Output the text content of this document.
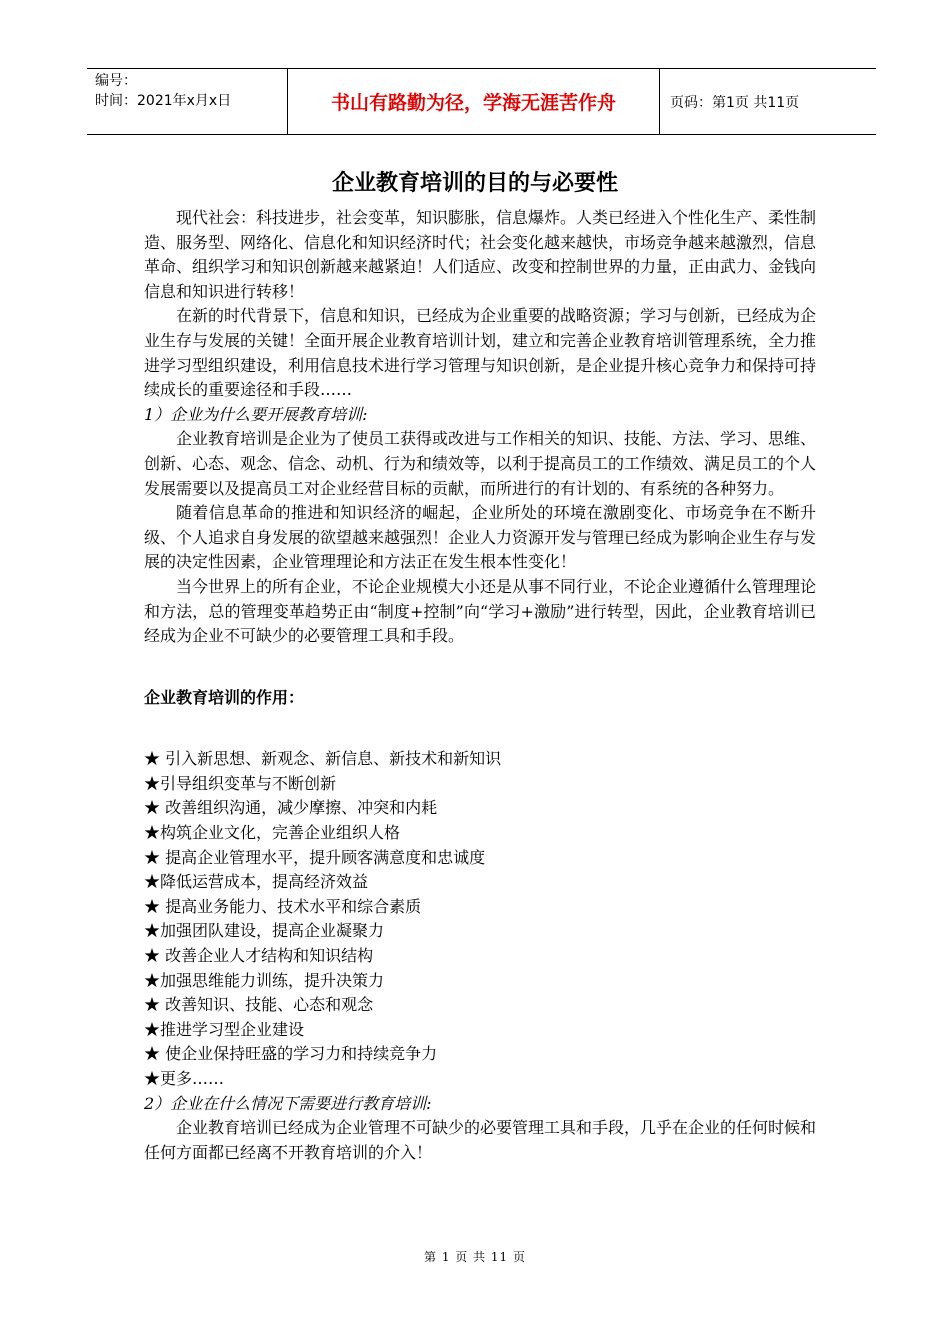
编号：
时间：2021年x月x日	书山有路勤为径，学海无涯苦作舟	页码：第1页 共11页
企业教育培训的目的与必要性

现代社会：科技进步，社会变革，知识膨胀，信息爆炸。人类已经进入个性化生产、柔性制造、服务型、网络化、信息化和知识经济时代；社会变化越来越快，市场竞争越来越激烈，信息革命、组织学习和知识创新越来越紧迫！人们适应、改变和控制世界的力量，正由武力、金钱向信息和知识进行转移！

在新的时代背景下，信息和知识，已经成为企业重要的战略资源；学习与创新，已经成为企业生存与发展的关键！全面开展企业教育培训计划，建立和完善企业教育培训管理系统，全力推进学习型组织建设，利用信息技术进行学习管理与知识创新，是企业提升核心竞争力和保持可持续成长的重要途径和手段……

1）企业为什么要开展教育培训:

企业教育培训是企业为了使员工获得或改进与工作相关的知识、技能、方法、学习、思维、创新、心态、观念、信念、动机、行为和绩效等，以利于提高员工的工作绩效、满足员工的个人发展需要以及提高员工对企业经营目标的贡献，而所进行的有计划的、有系统的各种努力。

随着信息革命的推进和知识经济的崛起，企业所处的环境在激剧变化、市场竞争在不断升级、个人追求自身发展的欲望越来越强烈！企业人力资源开发与管理已经成为影响企业生存与发展的决定性因素，企业管理理论和方法正在发生根本性变化！

当今世界上的所有企业，不论企业规模大小还是从事不同行业，不论企业遵循什么管理理论和方法，总的管理变革趋势正由“制度+控制”向“学习+激励”进行转型，因此，企业教育培训已经成为企业不可缺少的必要管理工具和手段。

企业教育培训的作用：
★ 引入新思想、新观念、新信息、新技术和新知识
★引导组织变革与不断创新
★ 改善组织沟通，减少摩擦、冲突和内耗
★构筑企业文化，完善企业组织人格
★ 提高企业管理水平，提升顾客满意度和忠诚度
★降低运营成本，提高经济效益
★ 提高业务能力、技术水平和综合素质
★加强团队建设，提高企业凝聚力
★ 改善企业人才结构和知识结构
★加强思维能力训练，提升决策力
★ 改善知识、技能、心态和观念
★推进学习型企业建设
★ 使企业保持旺盛的学习力和持续竞争力
★更多……

2）企业在什么情况下需要进行教育培训:

企业教育培训已经成为企业管理不可缺少的必要管理工具和手段，几乎在企业的任何时候和任何方面都已经离不开教育培训的介入！

第 1 页 共 11 页
